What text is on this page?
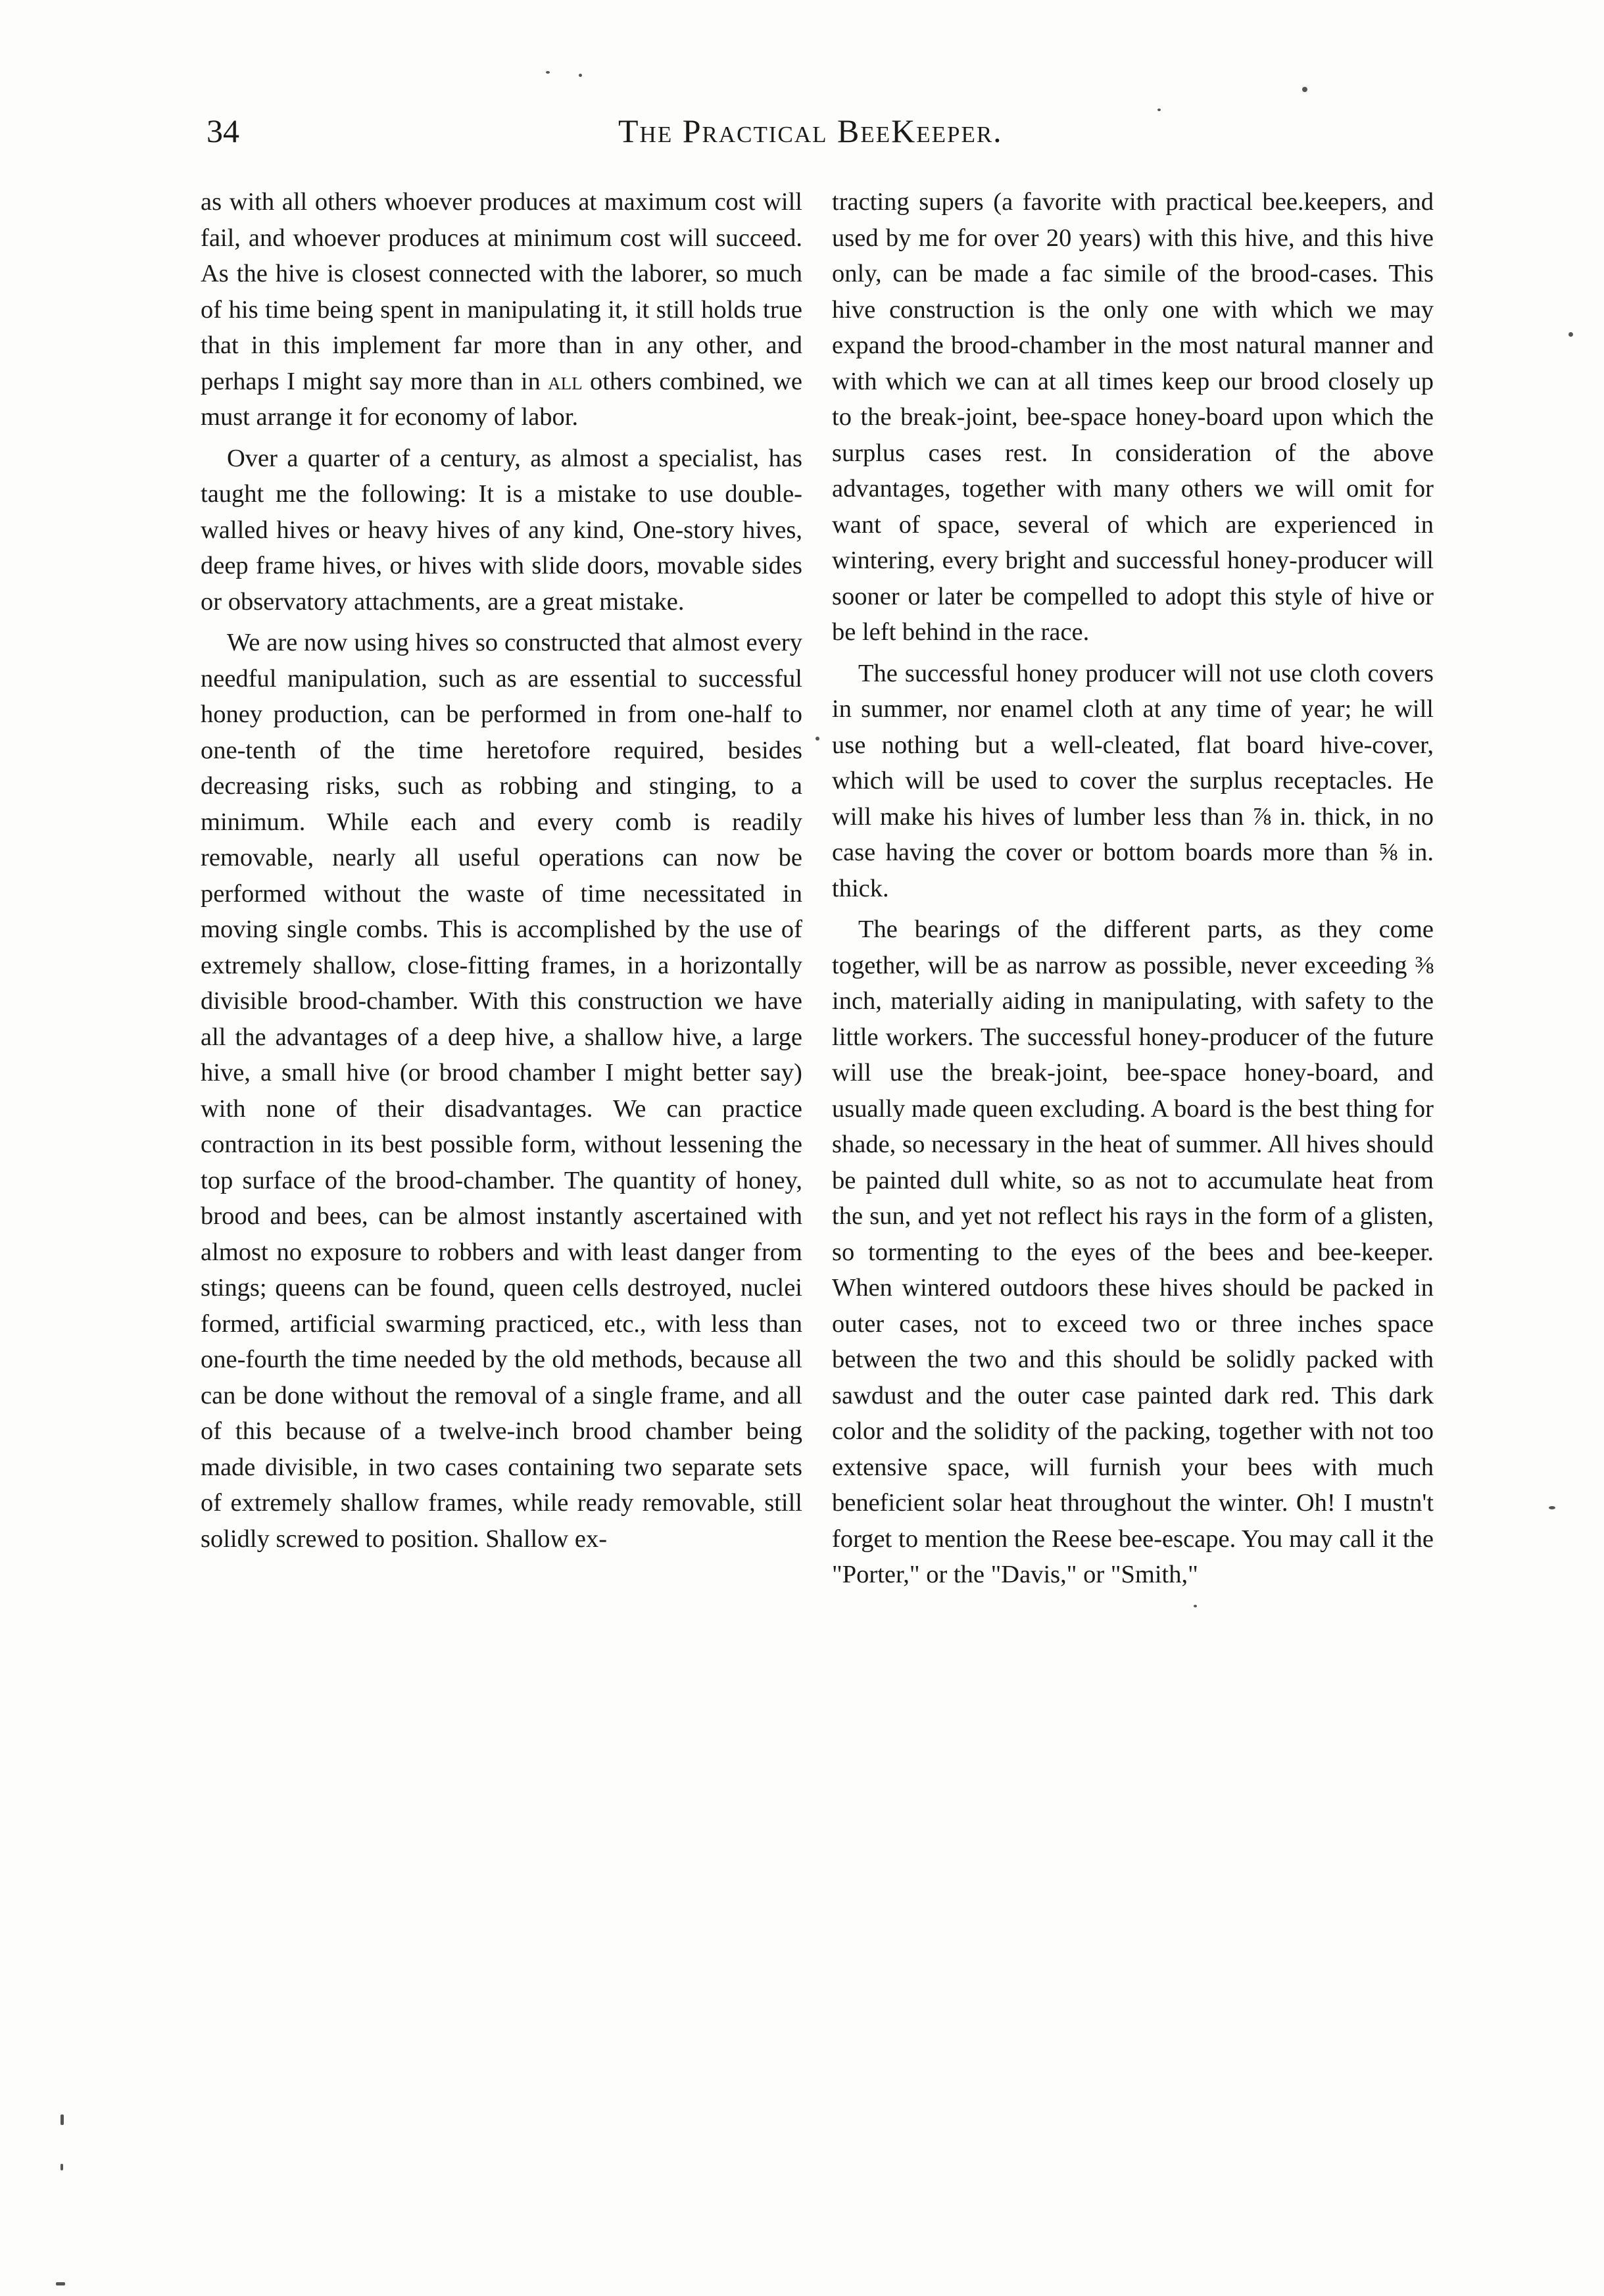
34	The Practical BeeKeeper.

as with all others whoever produces at maximum cost will fail, and whoever produces at minimum cost will succeed. As the hive is closest connected with the laborer, so much of his time being spent in manipulating it, it still holds true that in this implement far more than in any other, and perhaps I might say more than in all others combined, we must arrange it for economy of labor.

Over a quarter of a century, as almost a specialist, has taught me the following: It is a mistake to use double-walled hives or heavy hives of any kind, One-story hives, deep frame hives, or hives with slide doors, movable sides or observatory attachments, are a great mistake.

We are now using hives so constructed that almost every needful manipulation, such as are essential to successful honey production, can be performed in from one-half to one-tenth of the time heretofore required, besides decreasing risks, such as robbing and stinging, to a minimum. While each and every comb is readily removable, nearly all useful operations can now be performed without the waste of time necessitated in moving single combs. This is accomplished by the use of extremely shallow, close-fitting frames, in a horizontally divisible brood-chamber. With this construction we have all the advantages of a deep hive, a shallow hive, a large hive, a small hive (or brood chamber I might better say) with none of their disadvantages. We can practice contraction in its best possible form, without lessening the top surface of the brood-chamber. The quantity of honey, brood and bees, can be almost instantly ascertained with almost no exposure to robbers and with least danger from stings; queens can be found, queen cells destroyed, nuclei formed, artificial swarming practiced, etc., with less than one-fourth the time needed by the old methods, because all can be done without the removal of a single frame, and all of this because of a twelve-inch brood chamber being made divisible, in two cases containing two separate sets of extremely shallow frames, while ready removable, still solidly screwed to position. Shallow ex-

tracting supers (a favorite with practical bee.keepers, and used by me for over 20 years) with this hive, and this hive only, can be made a fac simile of the brood-cases. This hive construction is the only one with which we may expand the brood-chamber in the most natural manner and with which we can at all times keep our brood closely up to the break-joint, bee-space honey-board upon which the surplus cases rest. In consideration of the above advantages, together with many others we will omit for want of space, several of which are experienced in wintering, every bright and successful honey-producer will sooner or later be compelled to adopt this style of hive or be left behind in the race.

The successful honey producer will not use cloth covers in summer, nor enamel cloth at any time of year; he will use nothing but a well-cleated, flat board hive-cover, which will be used to cover the surplus receptacles. He will make his hives of lumber less than ⅞ in. thick, in no case having the cover or bottom boards more than ⅝ in. thick.

The bearings of the different parts, as they come together, will be as narrow as possible, never exceeding ⅜ inch, materially aiding in manipulating, with safety to the little workers. The successful honey-producer of the future will use the break-joint, bee-space honey-board, and usually made queen excluding. A board is the best thing for shade, so necessary in the heat of summer. All hives should be painted dull white, so as not to accumulate heat from the sun, and yet not reflect his rays in the form of a glisten, so tormenting to the eyes of the bees and bee-keeper. When wintered outdoors these hives should be packed in outer cases, not to exceed two or three inches space between the two and this should be solidly packed with sawdust and the outer case painted dark red. This dark color and the solidity of the packing, together with not too extensive space, will furnish your bees with much beneficient solar heat throughout the winter. Oh! I mustn't forget to mention the Reese bee-escape. You may call it the "Porter," or the "Davis," or "Smith,"
